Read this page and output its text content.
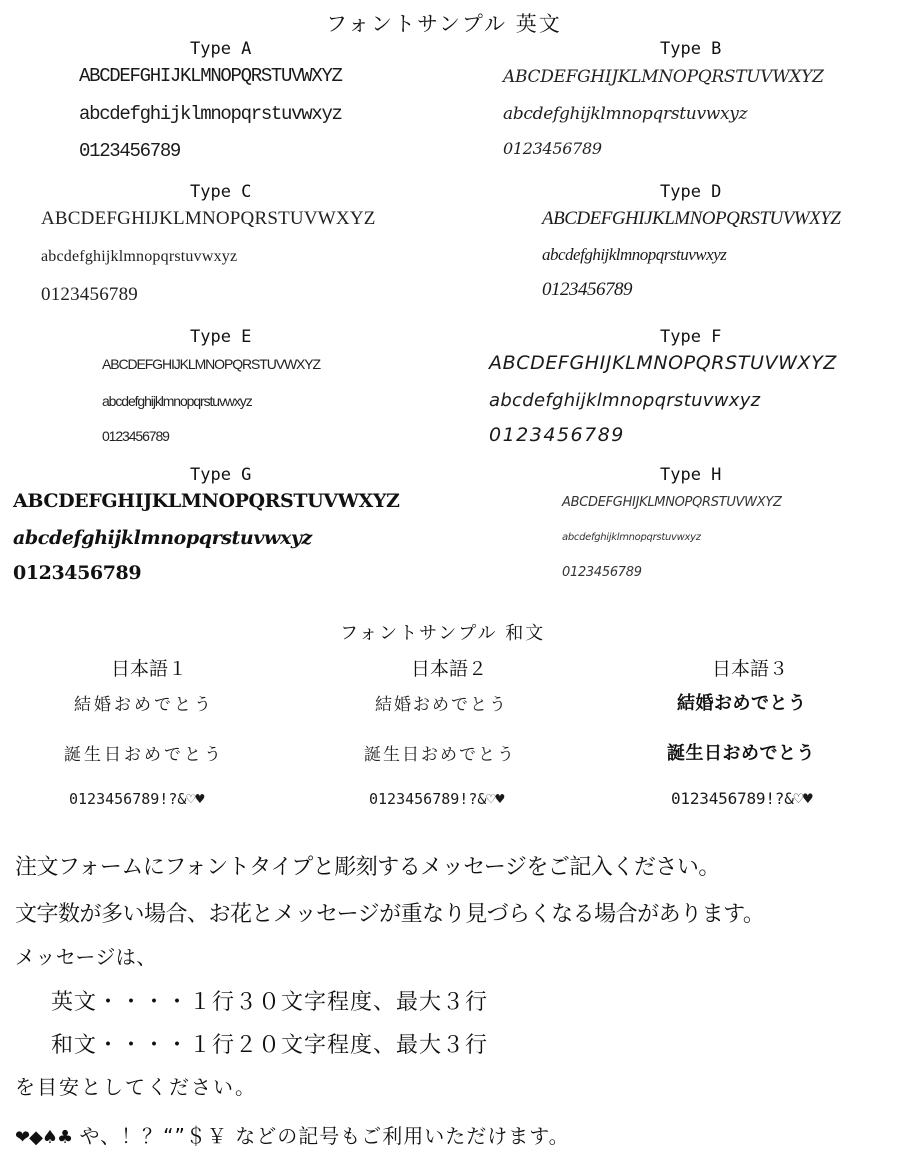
フォントサンプル 英文
Type A
ABCDEFGHIJKLMNOPQRSTUVWXYZ
abcdefghijklmnopqrstuvwxyz
0123456789
Type B
ABCDEFGHIJKLMNOPQRSTUVWXYZ
abcdefghijklmnopqrstuvwxyz
0123456789
Type C
ABCDEFGHIJKLMNOPQRSTUVWXYZ
abcdefghijklmnopqrstuvwxyz
0123456789
Type D
ABCDEFGHIJKLMNOPQRSTUVWXYZ
abcdefghijklmnopqrstuvwxyz
0123456789
Type E
ABCDEFGHIJKLMNOPQRSTUVWXYZ
abcdefghijklmnopqrstuvwxyz
0123456789
Type F
ABCDEFGHIJKLMNOPQRSTUVWXYZ
abcdefghijklmnopqrstuvwxyz
0123456789
Type G
ABCDEFGHIJKLMNOPQRSTUVWXYZ
abcdefghijklmnopqrstuvwxyz
0123456789
Type H
ABCDEFGHIJKLMNOPQRSTUVWXYZ
abcdefghijklmnopqrstuvwxyz
0123456789
フォントサンプル 和文
日本語１
結婚おめでとう
誕生日おめでとう
0123456789!?&♡♥
日本語２
結婚おめでとう
誕生日おめでとう
0123456789!?&♡♥
日本語３
結婚おめでとう
誕生日おめでとう
0123456789!?&♡♥
注文フォームにフォントタイプと彫刻するメッセージをご記入ください。
文字数が多い場合、お花とメッセージが重なり見づらくなる場合があります。
メッセージは、
英文・・・・１行３０文字程度、最大３行
和文・・・・１行２０文字程度、最大３行
を目安としてください。
❤◆♠♣ や、！？“”＄￥ などの記号もご利用いただけます。
